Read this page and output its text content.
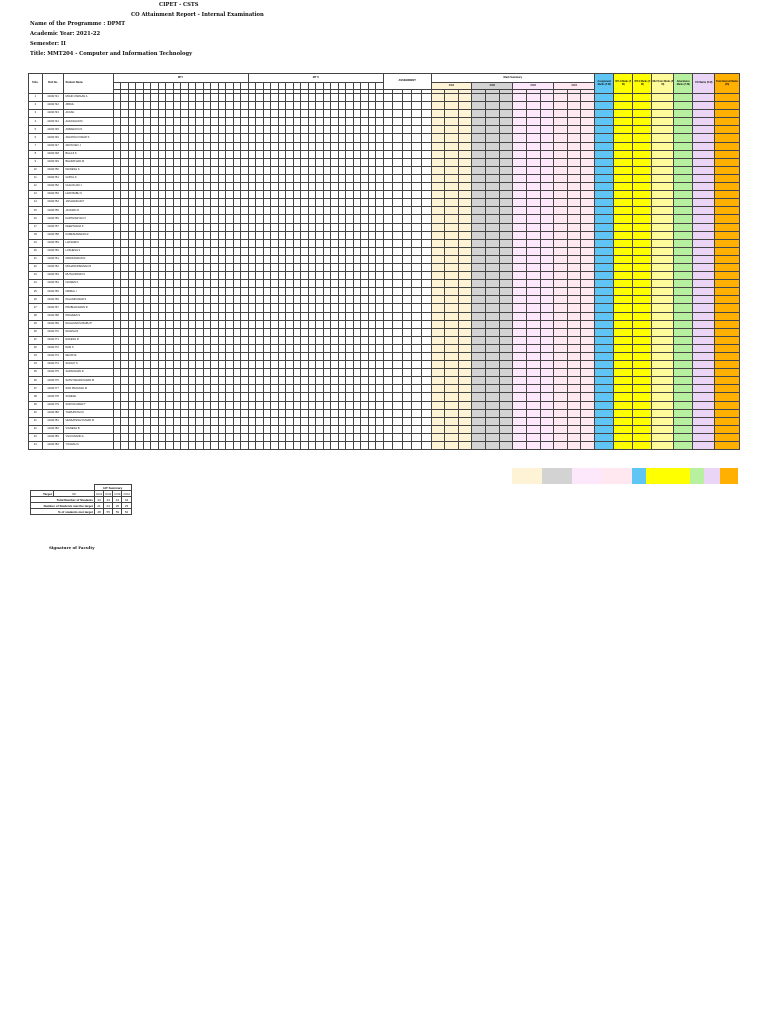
CIPET - CSTS
CO Attainment Report - Internal Examination
Name of the Programme : DPMT
Academic Year: 2021-22
Semester: II
Title: MMT204 - Computer and Information Technology
S.No.	Roll No.	Student Name	MT I																		MT II																		ASSIGNMENT					Mark Summary												Assignment Marks (5 M)	MT-1 Marks (5 M)	MT-2 Marks (5 M)	Mid Term Marks (5 M)	Attendance Marks (5 M)	CO Marks (5 M)	Total Internal Marks (25)
																																												CO1			CO2			CO3			CO4									

1	41021741	MOHD USMAAN A																																																												
2	41021742	ABDUL																																																												
3	41021743	AKASH																																																												
4	41021744	AAKASHAN M																																																												
5	41021745	ANBARASU N																																																												
6	41021746	ANANTHI KUMAR S																																																												
7	41021747	ARUN DEV J																																																												
8	41021748	BALAJI S																																																												
9	41021749	BHARATHAN M																																																												
10	41021750	DHINESH K																																																												
11	41021751	GOPAL S																																																												
12	41021752	GUHAN ADI J																																																												
13	41021753	HARI BABU S																																																												
14	41021754	JAISHANKAR P																																																												
15	41021755	JAYASRI M																																																												
16	41021756	KARTHIKEYAN V																																																												
17	41021757	KEERTHANA K																																																												
18	41021758	KAMESHWARAN R																																																												
19	41021759	LAKSHMI K																																																												
20	41021760	LOKHESH S																																																												
21	41021761	MANIKANDAN R																																																												
22	41021762	MOHANKRISHNAN R																																																												
23	41021763	MUTHUPANDI S																																																												
24	41021764	NAVEEN K																																																												
25	41021765	NIRMAL I																																																												
26	41021766	PALANIKUMAR S																																																												
27	41021767	PRABHAKARAN R																																																												
28	41021768	PRAVEEN S																																																												
29	41021769	RAGHUNATH BABU P																																																												
30	41021770	RAJESH R																																																												
31	41021771	RAKESH R																																																												
32	41021772	RAM S																																																												
33	41021773	REVATHI																																																												
34	41021774	SANJAY S																																																												
35	41021775	SARAVANAN R																																																												
36	41021776	SATHYANARAYANAN M																																																												
37	41021777	SIVA PRAKASH M																																																												
38	41021778	SURESH																																																												
39	41021779	SURYAKUMAR T																																																												
40	41021780	THIRUPATHI M																																																												
41	41021781	VENKATESH KUMAR M																																																												
42	41021782	VIGNESH B																																																												
43	41021783	VIJAYANAND A																																																												
44	41021784	YOGESH K																																																												
		IAT Summary			
Target	60	CO1	CO2	CO3	CO4
Total Number of Students		44	44	44	44
Number of Students met the target		21	24	26	23
% of students met target		48	55	59	52
Signature of Faculty
